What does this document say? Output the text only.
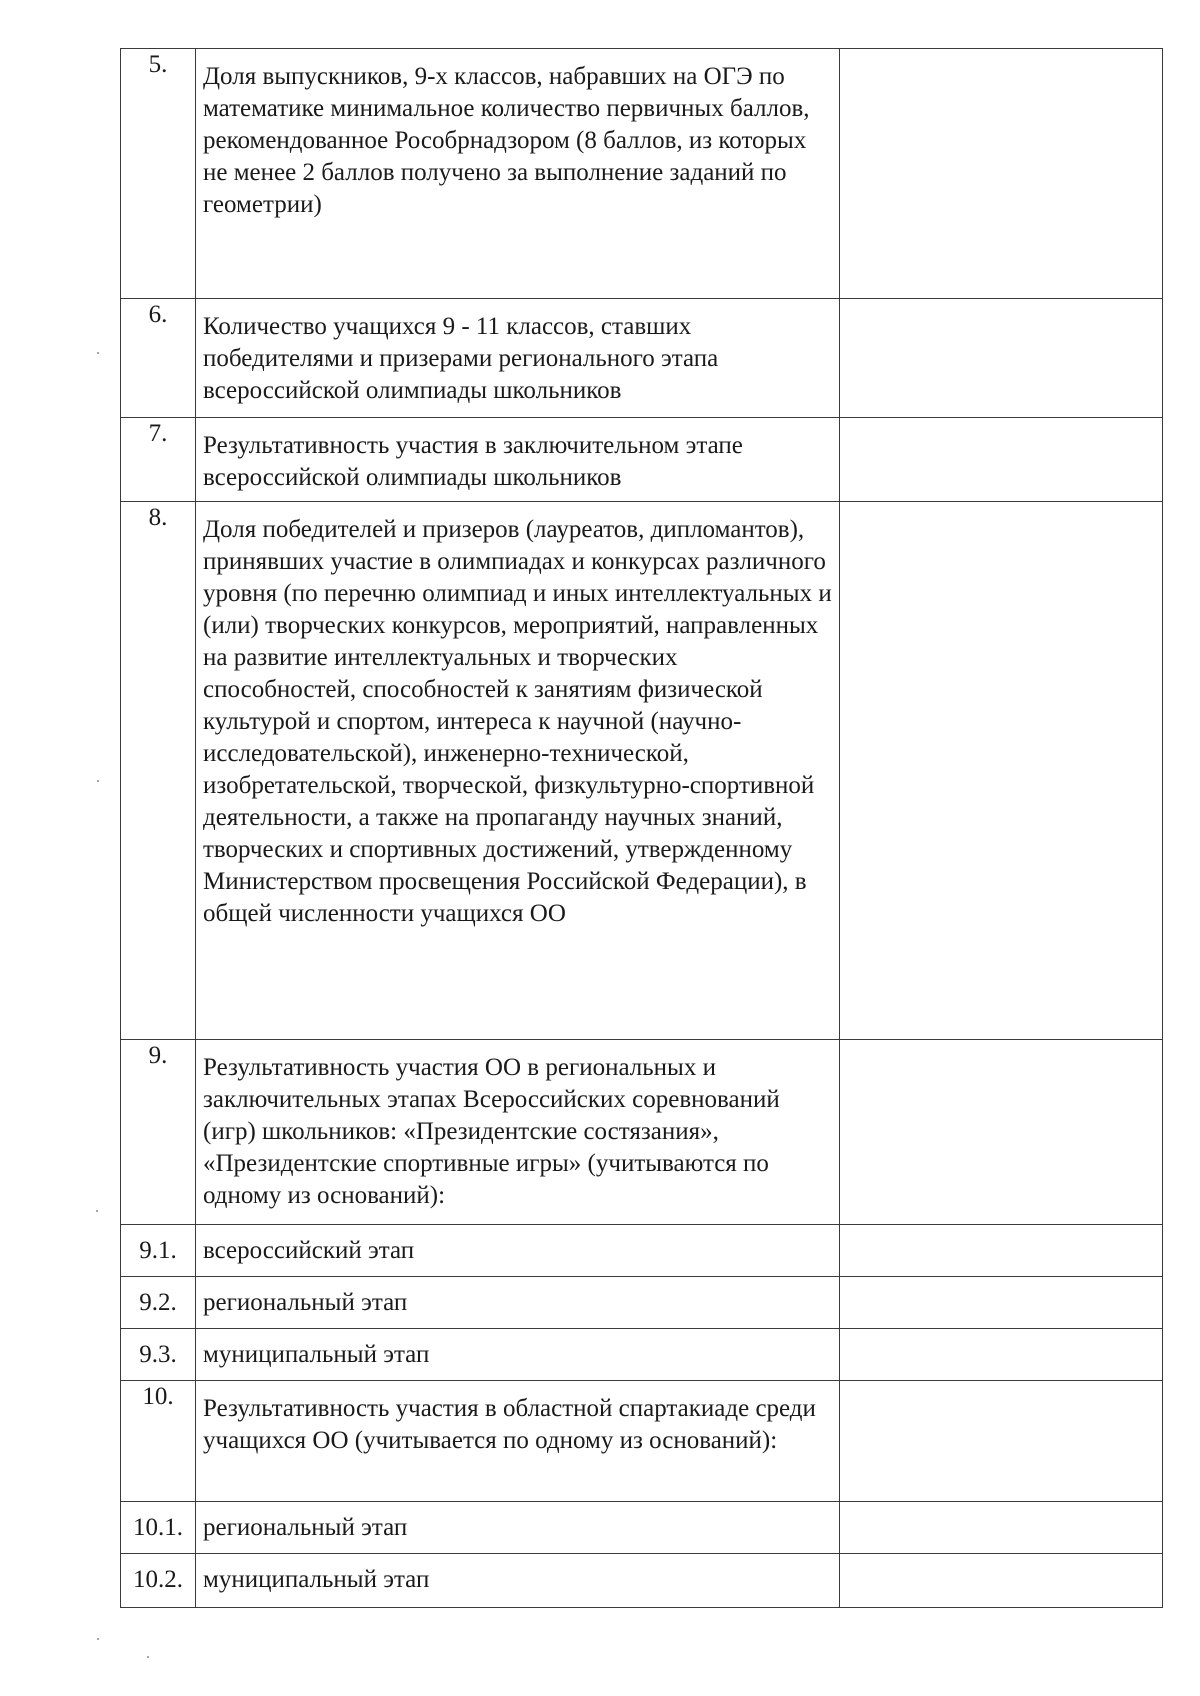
5.	Доля выпускников, 9-х классов, набравших на ОГЭ по математике минимальное количество первичных баллов, рекомендованное Рособрнадзором (8 баллов, из которых не менее 2 баллов получено за выполнение заданий по геометрии)	
6.	Количество учащихся 9 - 11 классов, ставших победителями и призерами регионального этапа всероссийской олимпиады школьников	
7.	Результативность участия в заключительном этапе всероссийской олимпиады школьников	
8.	Доля победителей и призеров (лауреатов, дипломантов), принявших участие в олимпиадах и конкурсах различного уровня (по перечню олимпиад и иных интеллектуальных и (или) творческих конкурсов, мероприятий, направленных на развитие интеллектуальных и творческих способностей, способностей к занятиям физической культурой и спортом, интереса к научной (научно-исследовательской), инженерно-технической, изобретательской, творческой, физкультурно-спортивной деятельности, а также на пропаганду научных знаний, творческих и спортивных достижений, утвержденному Министерством просвещения Российской Федерации), в общей численности учащихся ОО	
9.	Результативность участия ОО в региональных и заключительных этапах Всероссийских соревнований (игр) школьников: «Президентские состязания», «Президентские спортивные игры» (учитываются по одному из оснований):	
9.1.	всероссийский этап	
9.2.	региональный этап	
9.3.	муниципальный этап	
10.	Результативность участия в областной спартакиаде среди учащихся ОО (учитывается по одному из оснований):	
10.1.	региональный этап	
10.2.	муниципальный этап	
